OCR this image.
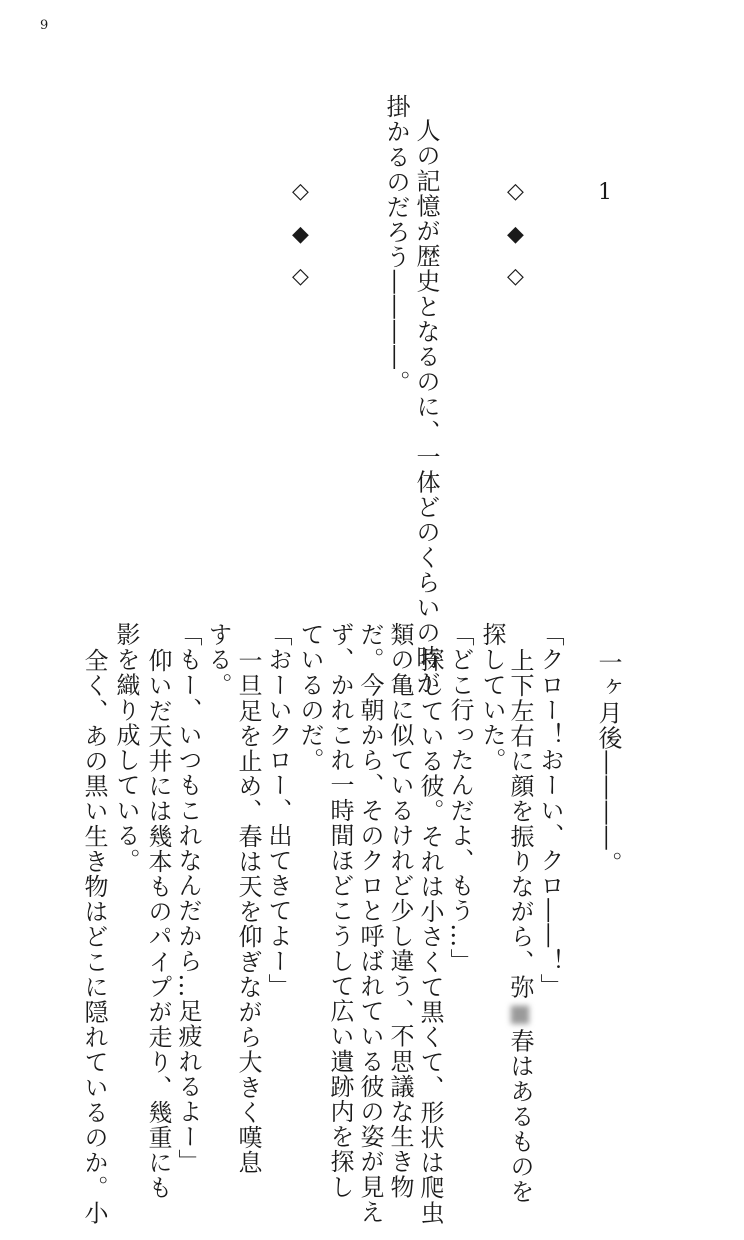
9
1
◇
◆
◇
人の記憶が歴史となるのに、一体どのくらいの時が
掛かるのだろう――――。
◇
◆
◇
一ヶ月後――――。
「クロー！おーい、クロ――！」
上下左右に顔を振りながら、弥■春はあるものを
探していた。
「どこ行ったんだよ、もう…」
探している彼。それは小さくて黒くて、形状は爬虫
類の亀に似ているけれど少し違う、不思議な生き物
だ。今朝から、そのクロと呼ばれている彼の姿が見え
ず、かれこれ一時間ほどこうして広い遺跡内を探し
ているのだ。
「おーいクロー、出てきてよー」
一旦足を止め、春は天を仰ぎながら大きく嘆息
する。
「もー、いつもこれなんだから…足疲れるよー」
仰いだ天井には幾本ものパイプが走り、幾重にも
影を織り成している。
全く、あの黒い生き物はどこに隠れているのか。小
